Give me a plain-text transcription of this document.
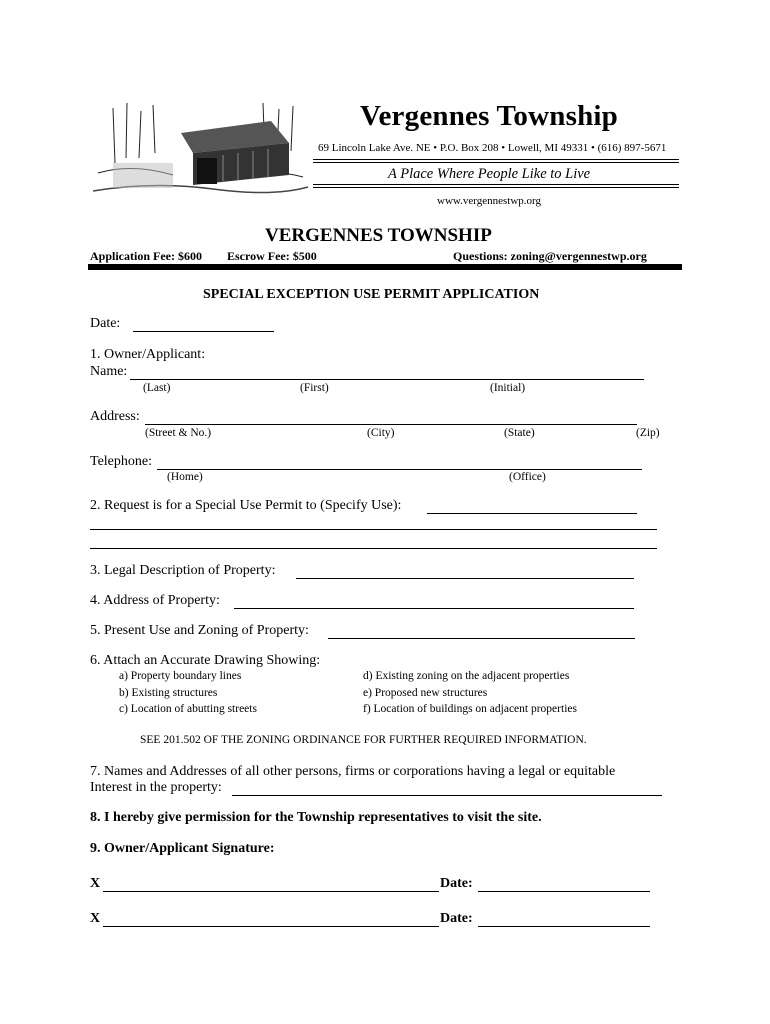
Vergennes Township
69 Lincoln Lake Ave. NE • P.O. Box 208 • Lowell, MI 49331 • (616) 897-5671
A Place Where People Like to Live
www.vergennestwp.org
VERGENNES TOWNSHIP
Application Fee: $600 Escrow Fee: $500	Questions: zoning@vergennestwp.org
SPECIAL EXCEPTION USE PERMIT APPLICATION
Date:
1. Owner/Applicant:
Name:
(Last)	(First)	(Initial)
Address:
(Street & No.)	(City)	(State)	(Zip)
Telephone:
(Home)	(Office)
2. Request is for a Special Use Permit to (Specify Use):
3. Legal Description of Property:
4. Address of Property:
5. Present Use and Zoning of Property:
6. Attach an Accurate Drawing Showing:
a) Property boundary lines
b) Existing structures
c) Location of abutting streets
d) Existing zoning on the adjacent properties
e) Proposed new structures
f) Location of buildings on adjacent properties
SEE 201.502 OF THE ZONING ORDINANCE FOR FURTHER REQUIRED INFORMATION.
7. Names and Addresses of all other persons, firms or corporations having a legal or equitable
Interest in the property:
8. I hereby give permission for the Township representatives to visit the site.
9. Owner/Applicant Signature:
X	Date:
X	Date:
